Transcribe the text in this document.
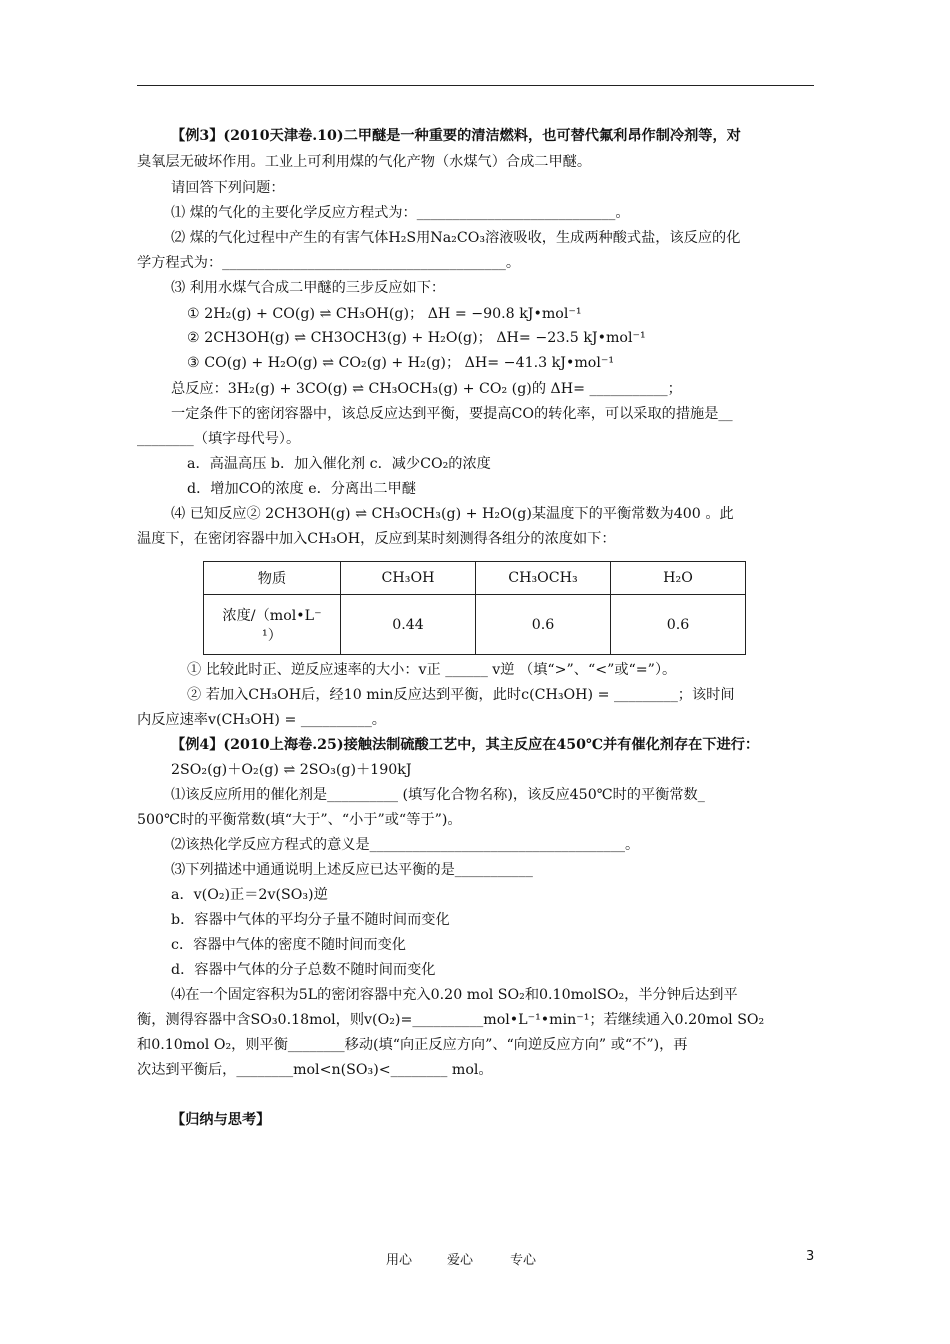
【例3】(2010天津卷.10)二甲醚是一种重要的清洁燃料，也可替代氟利昂作制冷剂等，对
臭氧层无破坏作用。工业上可利用煤的气化产物（水煤气）合成二甲醚。
请回答下列问题：
⑴ 煤的气化的主要化学反应方程式为：____________________________。
⑵ 煤的气化过程中产生的有害气体H₂S用Na₂CO₃溶液吸收，生成两种酸式盐，该反应的化
学方程式为：________________________________________。
⑶ 利用水煤气合成二甲醚的三步反应如下：
① 2H₂(g) + CO(g) ⇌ CH₃OH(g)； ΔH = −90.8 kJ•mol⁻¹
② 2CH3OH(g) ⇌ CH3OCH3(g) + H₂O(g)； ΔH= −23.5 kJ•mol⁻¹
③ CO(g) + H₂O(g) ⇌ CO₂(g) + H₂(g)； ΔH= −41.3 kJ•mol⁻¹
总反应：3H₂(g) + 3CO(g) ⇌ CH₃OCH₃(g) + CO₂ (g)的 ΔH= ___________；
一定条件下的密闭容器中，该总反应达到平衡，要提高CO的转化率，可以采取的措施是__
________（填字母代号）。
a．高温高压 b．加入催化剂 c．减少CO₂的浓度
d．增加CO的浓度 e．分离出二甲醚
⑷ 已知反应② 2CH3OH(g) ⇌ CH₃OCH₃(g) + H₂O(g)某温度下的平衡常数为400 。此
温度下，在密闭容器中加入CH₃OH，反应到某时刻测得各组分的浓度如下：
物质	CH₃OH	CH₃OCH₃	H₂O

浓度/（mol•L⁻
¹）	0.44	0.6	0.6
① 比较此时正、逆反应速率的大小：v正 ______ v逆 （填“>”、“<”或“=”）。
② 若加入CH₃OH后，经10 min反应达到平衡，此时c(CH₃OH) = _________；该时间
内反应速率v(CH₃OH) = __________。
【例4】(2010上海卷.25)接触法制硫酸工艺中，其主反应在450℃并有催化剂存在下进行：
2SO₂(g)＋O₂(g) ⇌ 2SO₃(g)＋190kJ
⑴该反应所用的催化剂是__________ (填写化合物名称)，该反应450℃时的平衡常数_
500℃时的平衡常数(填“大于”、“小于”或“等于”)。
⑵该热化学反应方程式的意义是____________________________________。
⑶下列描述中通通说明上述反应已达平衡的是___________
a．v(O₂)正＝2v(SO₃)逆
b．容器中气体的平均分子量不随时间而变化
c．容器中气体的密度不随时间而变化
d．容器中气体的分子总数不随时间而变化
⑷在一个固定容积为5L的密闭容器中充入0.20 mol SO₂和0.10molSO₂，半分钟后达到平
衡，测得容器中含SO₃0.18mol，则v(O₂)=__________mol•L⁻¹•min⁻¹；若继续通入0.20mol SO₂
和0.10mol O₂，则平衡________移动(填“向正反应方向”、“向逆反应方向” 或“不”)，再
次达到平衡后，________mol<n(SO₃)<________ mol。
【归纳与思考】
用心	爱心	专心	3
